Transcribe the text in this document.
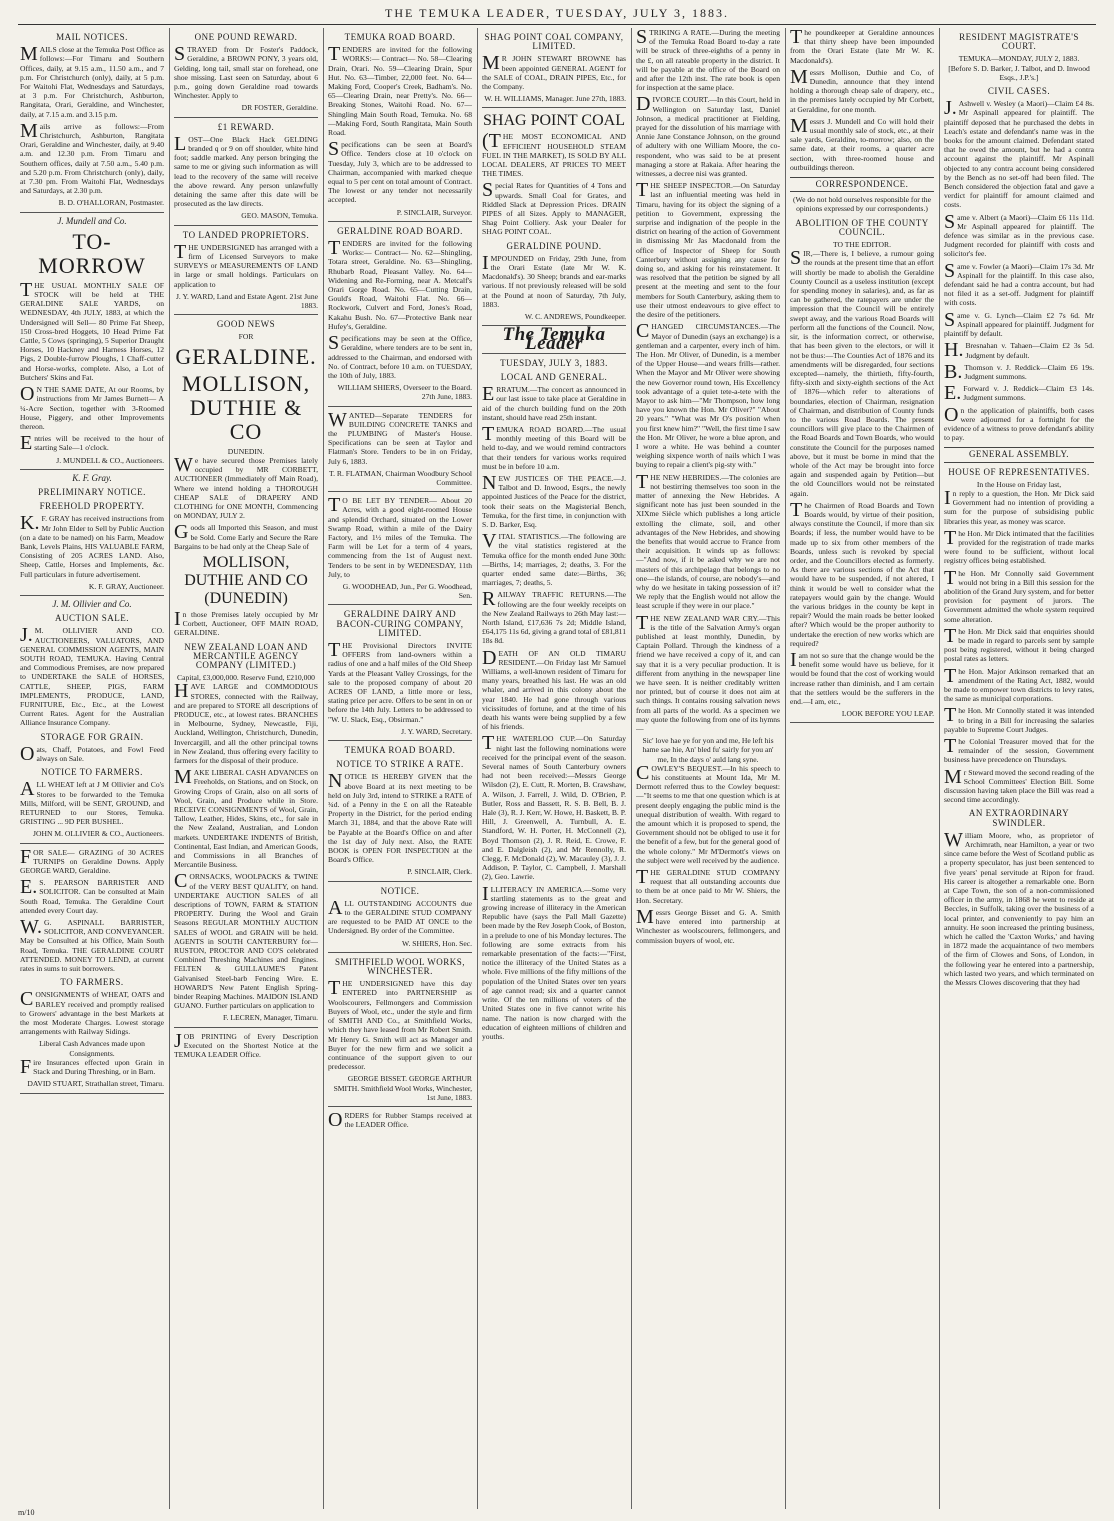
THE TEMUKA LEADER, TUESDAY, JULY 3, 1883.
MAIL NOTICES.

MAILS close at the Temuka Post Office as follows:—For Timaru and Southern Offices, daily, at 9.15 a.m., 11.50 a.m., and 7 p.m. For Christchurch (only), daily, at 5 p.m. For Waitohi Flat, Wednesdays and Saturdays, at 3 p.m. For Christchurch, Ashburton, Rangitata, Orari, Geraldine, and Winchester, daily, at 7.15 a.m. and 3.15 p.m.

Mails arrive as follows:—From Christchurch, Ashburton, Rangitata Orari, Geraldine and Winchester, daily, at 9.40 a.m. and 12.30 p.m. From Timaru and Southern offices, daily at 7.50 a.m., 5.40 p.m. and 5.20 p.m. From Christchurch (only), daily, at 7.30 pm. From Waitohi Flat, Wednesdays and Saturdays, at 2.30 p.m.

B. D. O'HALLORAN, Postmaster.
J. Mundell and Co.
TO-MORROW

THE USUAL MONTHLY SALE OF STOCK will be held at THE GERALDINE SALE YARDS, on WEDNESDAY, 4th JULY, 1883, at which the Undersigned will Sell— 80 Prime Fat Sheep, 150 Cross-bred Hoggets, 10 Head Prime Fat Cattle, 5 Cows (springing), 5 Superior Draught Horses, 10 Hackney and Harness Horses, 12 Pigs, 2 Double-furrow Ploughs, 1 Chaff-cutter and Horse-works, complete. Also, a Lot of Butchers' Skins and Fat.

ON THE SAME DATE, At our Rooms, by instructions from Mr James Burnett— A ¼-Acre Section, together with 3-Roomed House, Piggery, and other Improvements thereon.

Entries will be received to the hour of starting Sale—1 o'clock.

J. MUNDELL & CO., Auctioneers.
K. F. Gray.
PRELIMINARY NOTICE.
FREEHOLD PROPERTY.

K.F. GRAY has received instructions from Mr John Elder to Sell by Public Auction (on a date to be named) on his Farm, Meadow Bank, Levels Plains, HIS VALUABLE FARM, Consisting of 205 ACRES LAND. Also, Sheep, Cattle, Horses and Implements, &c. Full particulars in future advertisement.

K. F. GRAY, Auctioneer.
J. M. Ollivier and Co.
AUCTION SALE.

J.M. OLLIVIER AND CO. AUCTIONEERS, VALUATORS, AND GENERAL COMMISSION AGENTS, MAIN SOUTH ROAD, TEMUKA. Having Central and Commodious Premises, are now prepared to UNDERTAKE the SALE of HORSES, CATTLE, SHEEP, PIGS, FARM IMPLEMENTS, PRODUCE, LAND, FURNITURE, Etc., Etc., at the Lowest Current Rates. Agent for the Australian Alliance Insurance Company.

STORAGE FOR GRAIN.

Oats, Chaff, Potatoes, and Fowl Feed always on Sale.

NOTICE TO FARMERS.

ALL WHEAT left at J M Ollivier and Co's Stores to be forwarded to the Temuka Mills, Milford, will be SENT, GROUND, and RETURNED to our Stores, Temuka. GRISTING ... 9D PER BUSHEL.

JOHN M. OLLIVIER & CO., Auctioneers.

FOR SALE— GRAZING of 30 ACRES TURNIPS on Geraldine Downs. Apply GEORGE WARD, Geraldine.

E.S. PEARSON BARRISTER AND SOLICITOR. Can be consulted at Main South Road, Temuka. The Geraldine Court attended every Court day.

W.G. ASPINALL BARRISTER, SOLICITOR, AND CONVEYANCER. May be Consulted at his Office, Main South Road, Temuka. THE GERALDINE COURT ATTENDED. MONEY TO LEND, at current rates in sums to suit borrowers.

TO FARMERS.

CONSIGNMENTS of WHEAT, OATS and BARLEY received and promptly realised to Growers' advantage in the best Markets at the most Moderate Charges. Lowest storage arrangements with Railway Sidings.

Liberal Cash Advances made upon Consignments.

Fire Insurances effected upon Grain in Stack and During Threshing, or in Barn.

DAVID STUART, Strathallan street, Timaru.
ONE POUND REWARD.

STRAYED from Dr Foster's Paddock, Geraldine, a BROWN PONY, 3 years old, Gelding, long tail, small star on forehead, one shoe missing. Last seen on Saturday, about 6 p.m., going down Geraldine road towards Winchester. Apply to

DR FOSTER, Geraldine.
£1 REWARD.

LOST—One Black Hack GELDING branded q or 9 on off shoulder, white hind foot; saddle marked. Any person bringing the same to me or giving such information as will lead to the recovery of the same will receive the above reward. Any person unlawfully detaining the same after this date will be prosecuted as the law directs.

GEO. MASON, Temuka.
TO LANDED PROPRIETORS.

THE UNDERSIGNED has arranged with a firm of Licensed Surveyors to make SURVEYS or MEASUREMENTS OF LAND in large or small holdings. Particulars on application to

J. Y. WARD, Land and Estate Agent. 21st June 1883.
GOOD NEWS
FOR
GERALDINE.
MOLLISON, DUTHIE & CO
DUNEDIN.

We have secured those Premises lately occupied by MR CORBETT, AUCTIONEER (Immediately off Main Road), Where we intend holding a THOROUGH CHEAP SALE of DRAPERY AND CLOTHING for ONE MONTH, Commencing on MONDAY, JULY 2.

Goods all Imported this Season, and must be Sold. Come Early and Secure the Rare Bargains to be had only at the Cheap Sale of

MOLLISON, DUTHIE AND CO (DUNEDIN)

In those Premises lately occupied by Mr Corbett, Auctioneer, OFF MAIN ROAD, GERALDINE.

NEW ZEALAND LOAN AND MERCANTILE AGENCY COMPANY (LIMITED.)
Capital, £3,000,000. Reserve Fund, £210,000

HAVE LARGE and COMMODIOUS STORES, connected with the Railway, and are prepared to STORE all descriptions of PRODUCE, etc., at lowest rates. BRANCHES in Melbourne, Sydney, Newcastle, Fiji, Auckland, Wellington, Christchurch, Dunedin, Invercargill, and all the other principal towns in New Zealand, thus offering every facility to farmers for the disposal of their produce.

MAKE LIBERAL CASH ADVANCES on Freeholds, on Stations, and on Stock, on Growing Crops of Grain, also on all sorts of Wool, Grain, and Produce while in Store. RECEIVE CONSIGNMENTS of Wool, Grain, Tallow, Leather, Hides, Skins, etc., for sale in the New Zealand, Australian, and London markets. UNDERTAKE INDENTS of British, Continental, East Indian, and American Goods, and Commissions in all Branches of Mercantile Business.

CORNSACKS, WOOLPACKS & TWINE of the VERY BEST QUALITY, on hand. UNDERTAKE AUCTION SALES of all descriptions of TOWN, FARM & STATION PROPERTY. During the Wool and Grain Seasons REGULAR MONTHLY AUCTION SALES of WOOL and GRAIN will be held. AGENTS in SOUTH CANTERBURY for— RUSTON, PROCTOR AND CO'S celebrated Combined Threshing Machines and Engines. FELTEN & GUILLAUME'S Patent Galvanised Steel-barb Fencing Wire. E. HOWARD'S New Patent English Spring-binder Reaping Machines. MAIDON ISLAND GUANO. Further particulars on application to

F. LECREN, Manager, Timaru.

JOB PRINTING of Every Description Executed on the Shortest Notice at the TEMUKA LEADER Office.

TEMUKA ROAD BOARD.

TENDERS are invited for the following WORKS:— Contract— No. 58—Clearing Drain, Orari. No. 59—Clearing Drain, Spur Hut. No. 63—Timber, 22,000 feet. No. 64—Making Ford, Cooper's Creek, Badham's. No. 65—Clearing Drain, near Pretty's. No. 66—Breaking Stones, Waitohi Road. No. 67—Shingling Main South Road, Temuka. No. 68—Making Ford, South Rangitata, Main South Road.

Specifications can be seen at Board's Office. Tenders close at 10 o'clock on Tuesday, July 3, which are to be addressed to Chairman, accompanied with marked cheque equal to 5 per cent on total amount of Contract. The lowest or any tender not necessarily accepted.

P. SINCLAIR, Surveyor.
GERALDINE ROAD BOARD.

TENDERS are invited for the following Works:— Contract— No. 62—Shingling, Totara street, Geraldine. No. 63—Shingling, Rhubarb Road, Pleasant Valley. No. 64—Widening and Re-Forming, near A. Metcalf's Orari Gorge Road. No. 65—Cutting Drain, Gould's Road, Waitohi Flat. No. 66—Rockwork, Culvert and Ford, Jones's Road, Kakahu Bush. No. 67—Protective Bank near Hufey's, Geraldine.

Specifications may be seen at the Office, Geraldine, where tenders are to be sent in, addressed to the Chairman, and endorsed with No. of Contract, before 10 a.m. on TUESDAY, the 10th of July, 1883.

WILLIAM SHIERS, Overseer to the Board. 27th June, 1883.

WANTED—Separate TENDERS for BUILDING CONCRETE TANKS and the PLUMBING of Master's House. Specifications can be seen at Taylor and Flatman's Store. Tenders to be in on Friday, July 6, 1883.

T. R. FLATMAN, Chairman Woodbury School Committee.

TO BE LET BY TENDER— About 20 Acres, with a good eight-roomed House and splendid Orchard, situated on the Lower Swamp Road, within a mile of the Dairy Factory, and 1½ miles of the Temuka. The Farm will be Let for a term of 4 years, commencing from the 1st of August next. Tenders to be sent in by WEDNESDAY, 11th July, to

G. WOODHEAD, Jun., Per G. Woodhead, Sen.
GERALDINE DAIRY AND BACON-CURING COMPANY, LIMITED.

THE Provisional Directors INVITE OFFERS from land-owners within a radius of one and a half miles of the Old Sheep Yards at the Pleasant Valley Crossings, for the sale to the proposed company of about 20 ACRES OF LAND, a little more or less, stating price per acre. Offers to be sent in on or before the 14th July. Letters to be addressed to "W. U. Slack, Esq., Obsirman."

J. Y. WARD, Secretary.
TEMUKA ROAD BOARD.
NOTICE TO STRIKE A RATE.

NOTICE IS HEREBY GIVEN that the above Board at its next meeting to be held on July 3rd, intend to STRIKE a RATE of ¾d. of a Penny in the £ on all the Rateable Property in the District, for the period ending March 31, 1884, and that the above Rate will be Payable at the Board's Office on and after the 1st day of July next. Also, the RATE BOOK is OPEN FOR INSPECTION at the Board's Office.

P. SINCLAIR, Clerk.
NOTICE.

ALL OUTSTANDING ACCOUNTS due to the GERALDINE STUD COMPANY are requested to be PAID AT ONCE to the Undersigned. By order of the Committee.

W. SHIERS, Hon. Sec.
SMITHFIELD WOOL WORKS, WINCHESTER.

THE UNDERSIGNED have this day ENTERED into PARTNERSHIP as Woolscourers, Fellmongers and Commission Buyers of Wool, etc., under the style and firm of SMITH AND Co., at Smithfield Works, which they have leased from Mr Robert Smith. Mr Henry G. Smith will act as Manager and Buyer for the new firm and we solicit a continuance of the support given to our predecessor.

GEORGE BISSET. GEORGE ARTHUR SMITH. Smithfield Wool Works, Winchester, 1st June, 1883.

ORDERS for Rubber Stamps received at the LEADER Office.

SHAG POINT COAL COMPANY, LIMITED.

MR JOHN STEWART BROWNE has been appointed GENERAL AGENT for the SALE of COAL, DRAIN PIPES, Etc., for the Company.

W. H. WILLIAMS, Manager. June 27th, 1883.
SHAG POINT COAL

(THE MOST ECONOMICAL AND EFFICIENT HOUSEHOLD STEAM FUEL IN THE MARKET), IS SOLD BY ALL LOCAL DEALERS, AT PRICES TO MEET THE TIMES.

Special Rates for Quantities of 4 Tons and upwards. Small Coal for Grates, and Riddled Slack at Depression Prices. DRAIN PIPES of all Sizes. Apply to MANAGER, Shag Point Colliery. Ask your Dealer for SHAG POINT COAL.

GERALDINE POUND.

IMPOUNDED on Friday, 29th June, from the Orari Estate (late Mr W. K. Macdonald's). 30 Sheep; brands and ear-marks various. If not previously released will be sold at the Pound at noon of Saturday, 7th July, 1883.

W. C. ANDREWS, Poundkeeper.
The Temuka Leader
TUESDAY, JULY 3, 1883.
LOCAL AND GENERAL.

ERRATUM.—The concert as announced in our last issue to take place at Geraldine in aid of the church building fund on the 20th instant, should have read 25th instant.

TEMUKA ROAD BOARD.—The usual monthly meeting of this Board will be held to-day, and we would remind contractors that their tenders for various works required must be in before 10 a.m.

NEW JUSTICES OF THE PEACE.—J. Talbot and D. Inwood, Esqrs., the newly appointed Justices of the Peace for the district, took their seats on the Magisterial Bench, Temuka, for the first time, in conjunction with S. D. Barker, Esq.

VITAL STATISTICS.—The following are the vital statistics registered at the Temuka office for the month ended June 30th:—Births, 14; marriages, 2; deaths, 3. For the quarter ended same date:—Births, 36; marriages, 7; deaths, 5.

RAILWAY TRAFFIC RETURNS.—The following are the four weekly receipts on the New Zealand Railways to 26th May last:—North Island, £17,636 7s 2d; Middle Island, £64,175 11s 6d, giving a grand total of £81,811 18s 8d.

DEATH OF AN OLD TIMARU RESIDENT.—On Friday last Mr Samuel Williams, a well-known resident of Timaru for many years, breathed his last. He was an old whaler, and arrived in this colony about the year 1840. He had gone through various vicissitudes of fortune, and at the time of his death his wants were being supplied by a few of his friends.

THE WATERLOO CUP.—On Saturday night last the following nominations were received for the principal event of the season. Several names of South Canterbury owners had not been received:—Messrs George Wilsdon (2), E. Cutt, R. Morten, B. Crawshaw, A. Wilson, J. Farrell, J. Wild, D. O'Brien, P. Butler, Ross and Bassett, R. S. B. Bell, B. J. Hale (3), R. J. Kerr, W. Howe, H. Baskett, B. P. Hill, J. Greenwell, A. Turnbull, A. E. Standford, W. H. Porter, H. McConnell (2), Boyd Thomson (2), J. R. Reid, E. Crowe, F. and E. Dalgleish (2), and Mr Rennolly, R. Clegg, F. McDonald (2), W. Macauley (3), J. J. Addison, P. Taylor, C. Campbell, J. Marshall (2), Geo. Lawrie.

ILLITERACY IN AMERICA.—Some very startling statements as to the great and growing increase of illiteracy in the American Republic have (says the Pall Mall Gazette) been made by the Rev Joseph Cook, of Boston, in a prelude to one of his Monday lectures. The following are some extracts from his remarkable presentation of the facts:—"First, notice the illiteracy of the United States as a whole. Five millions of the fifty millions of the population of the United States over ten years of age cannot read; six and a quarter cannot write. Of the ten millions of voters of the United States one in five cannot write his name. The nation is now charged with the education of eighteen millions of children and youths.

STRIKING A RATE.—During the meeting of the Temuka Road Board to-day a rate will be struck of three-eighths of a penny in the £, on all rateable property in the district. It will be payable at the office of the Board on and after the 12th inst. The rate book is open for inspection at the same place.

DIVORCE COURT.—In this Court, held in Wellington on Saturday last, Daniel Johnson, a medical practitioner at Fielding, prayed for the dissolution of his marriage with Annie Jane Constance Johnson, on the ground of adultery with one William Moore, the co-respondent, who was said to be at present managing a store at Rakaia. After hearing the witnesses, a decree nisi was granted.

THE SHEEP INSPECTOR.—On Saturday last an influential meeting was held in Timaru, having for its object the signing of a petition to Government, expressing the surprise and indignation of the people in the district on hearing of the action of Government in dismissing Mr Jas Macdonald from the office of Inspector of Sheep for South Canterbury without assigning any cause for doing so, and asking for his reinstatement. It was resolved that the petition be signed by all present at the meeting and sent to the four members for South Canterbury, asking them to use their utmost endeavours to give effect to the desire of the petitioners.

CHANGED CIRCUMSTANCES.—The Mayor of Dunedin (says an exchange) is a gentleman and a carpenter, every inch of him. The Hon. Mr Oliver, of Dunedin, is a member of the Upper House—and wears frills—rather. When the Mayor and Mr Oliver were showing the new Governor round town, His Excellency took advantage of a quiet tete-a-tete with the Mayor to ask him—"Mr Thompson, how long have you known the Hon. Mr Oliver?" "About 20 years." "What was Mr O's position when you first knew him?" "Well, the first time I saw the Hon. Mr Oliver, he wore a blue apron, and I wore a white. He was behind a counter weighing sixpence worth of nails which I was buying to repair a client's pig-sty with."

THE NEW HEBRIDES.—The colonies are not bestirring themselves too soon in the matter of annexing the New Hebrides. A significant note has just been sounded in the XIXme Siècle which publishes a long article extolling the climate, soil, and other advantages of the New Hebrides, and showing the benefits that would accrue to France from their acquisition. It winds up as follows:—"And now, if it be asked why we are not masters of this archipelago that belongs to no one—the islands, of course, are nobody's—and why do we hesitate in taking possession of it? We reply that the English would not allow the least scruple if they were in our place."

THE NEW ZEALAND WAR CRY.—This is the title of the Salvation Army's organ published at least monthly, Dunedin, by Captain Pollard. Through the kindness of a friend we have received a copy of it, and can say that it is a very peculiar production. It is different from anything in the newspaper line we have seen. It is neither creditably written nor printed, but of course it does not aim at such things. It contains rousing salvation news from all parts of the world. As a specimen we may quote the following from one of its hymns—

Sic' love hae ye for yon and me, He left his hame sae hie, An' bled fu' sairly for you an' me, In the days o' auld lang syne.

COWLEY'S BEQUEST.—In his speech to his constituents at Mount Ida, Mr M. Dermott referred thus to the Cowley bequest:—"It seems to me that one question which is at present deeply engaging the public mind is the unequal distribution of wealth. With regard to the amount which it is proposed to spend, the Government should not be obliged to use it for the benefit of a few, but for the general good of the whole colony." Mr M'Dermott's views on the subject were well received by the audience.

THE GERALDINE STUD COMPANY request that all outstanding accounts due to them be at once paid to Mr W. Shiers, the Hon. Secretary.

Messrs George Bisset and G. A. Smith have entered into partnership at Winchester as woolscourers, fellmongers, and commission buyers of wool, etc.

The poundkeeper at Geraldine announces that thirty sheep have been impounded from the Orari Estate (late Mr W. K. Macdonald's).

Messrs Mollison, Duthie and Co, of Dunedin, announce that they intend holding a thorough cheap sale of drapery, etc., in the premises lately occupied by Mr Corbett, at Geraldine, for one month.

Messrs J. Mundell and Co will hold their usual monthly sale of stock, etc., at their sale yards, Geraldine, to-morrow; also, on the same date, at their rooms, a quarter acre section, with three-roomed house and outbuildings thereon.

CORRESPONDENCE.
(We do not hold ourselves responsible for the opinions expressed by our correspondents.)
ABOLITION OF THE COUNTY COUNCIL.
TO THE EDITOR.

SIR,—There is, I believe, a rumour going the rounds at the present time that an effort will shortly be made to abolish the Geraldine County Council as a useless institution (except for spending money in salaries), and, as far as can be gathered, the ratepayers are under the impression that the Council will be entirely swept away, and the various Road Boards will perform all the functions of the Council. Now, sir, is the information correct, or otherwise, that has been given to the electors, or will it not be thus:—The Counties Act of 1876 and its amendments will be disregarded, four sections excepted—namely, the thirtieth, fifty-fourth, fifty-sixth and sixty-eighth sections of the Act of 1876—which refer to alterations of boundaries, election of Chairman, resignation of Chairman, and distribution of County funds to the various Road Boards. The present councillors will give place to the Chairmen of the Road Boards and Town Boards, who would constitute the Council for the purposes named above, but it must be borne in mind that the whole of the Act may be brought into force again and suspended again by Petition—but the old Councillors would not be reinstated again.

The Chairmen of Road Boards and Town Boards would, by virtue of their position, always constitute the Council, if more than six Boards; if less, the number would have to be made up to six from other members of the Boards, unless such is revoked by special order, and the Councillors elected as formerly. As there are various sections of the Act that would have to be suspended, if not altered, I think it would be well to consider what the ratepayers would gain by the change. Would the various bridges in the county be kept in repair? Would the main roads be better looked after? Which would be the proper authority to undertake the erection of new works which are required?

Iam not so sure that the change would be the benefit some would have us believe, for it would be found that the cost of working would increase rather than diminish, and I am certain that the settlers would be the sufferers in the end.—I am, etc.,

LOOK BEFORE YOU LEAP.
RESIDENT MAGISTRATE'S COURT.
TEMUKA—MONDAY, JULY 2, 1883.
[Before S. D. Barker, J. Talbot, and D. Inwood Esqs., J.P.'s.]
CIVIL CASES.

J.Ashwell v. Wesley (a Maori)—Claim £4 8s. Mr Aspinall appeared for plaintiff. The plaintiff deposed that he purchased the debts in Leach's estate and defendant's name was in the books for the amount claimed. Defendant stated that he owed the amount, but he had a contra account against the plaintiff. Mr Aspinall objected to any contra account being considered by the Bench as no set-off had been filed. The Bench considered the objection fatal and gave a verdict for plaintiff for amount claimed and costs.

Same v. Albert (a Maori)—Claim £6 11s 11d. Mr Aspinall appeared for plaintiff. The defence was similar as in the previous case. Judgment recorded for plaintiff with costs and solicitor's fee.

Same v. Fowler (a Maori)—Claim 17s 3d. Mr Aspinall for the plaintiff. In this case also, defendant said he had a contra account, but had not filed it as a set-off. Judgment for plaintiff with costs.

Same v. G. Lynch—Claim £2 7s 6d. Mr Aspinall appeared for plaintiff. Judgment for plaintiff by default.

H.Bresnahan v. Tahaen—Claim £2 3s 5d. Judgment by default.

B.Thomson v. J. Reddick—Claim £6 19s. Judgment summons.

E.Forward v. J. Reddick—Claim £3 14s. Judgment summons.

On the application of plaintiffs, both cases were adjourned for a fortnight for the evidence of a witness to prove defendant's ability to pay.

GENERAL ASSEMBLY.
HOUSE OF REPRESENTATIVES.
In the House on Friday last,

In reply to a question, the Hon. Mr Dick said Government had no intention of providing a sum for the purpose of subsidising public libraries this year, as money was scarce.

The Hon. Mr Dick intimated that the facilities provided for the registration of trade marks were found to be sufficient, without local registry offices being established.

The Hon. Mr Connolly said Government would not bring in a Bill this session for the abolition of the Grand Jury system, and for better provision for payment of jurors. The Government admitted the whole system required some alteration.

The Hon. Mr Dick said that enquiries should be made in regard to parcels sent by sample post being registered, without it being charged postal rates as letters.

The Hon. Major Atkinson remarked that an amendment of the Rating Act, 1882, would be made to empower town districts to levy rates, the same as municipal corporations.

The Hon. Mr Connolly stated it was intended to bring in a Bill for increasing the salaries payable to Supreme Court Judges.

The Colonial Treasurer moved that for the remainder of the session, Government business have precedence on Thursdays.

Mr Steward moved the second reading of the School Committees' Election Bill. Some discussion having taken place the Bill was read a second time accordingly.

AN EXTRAORDINARY SWINDLER.

William Moore, who, as proprietor of Archimrath, near Hamilton, a year or two since came before the West of Scotland public as a property speculator, has just been sentenced to five years' penal servitude at Ripon for fraud. His career is altogether a remarkable one. Born at Cape Town, the son of a non-commissioned officer in the army, in 1868 he went to reside at Beccles, in Suffolk, taking over the business of a local printer, and conveniently to pay him an annuity. He soon increased the printing business, which he called the 'Caxton Works,' and having in 1872 made the acquaintance of two members of the firm of Clowes and Sons, of London, in the following year he entered into a partnership, which lasted two years, and which terminated on the Messrs Clowes discovering that they had

m/10
